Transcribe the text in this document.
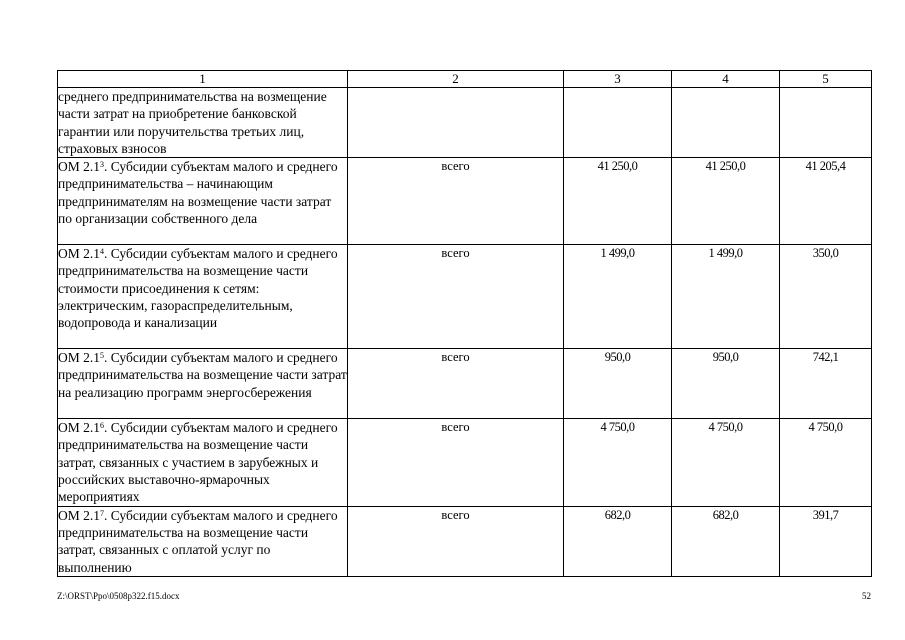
1	2	3	4	5
среднего предпринимательства на возмещение части затрат на приобретение банковской гарантии или поручительства третьих лиц, страховых взносов				
ОМ $2.1^3$. Субсидии субъектам малого и среднего предпринимательства – начинающим предпринимателям на возмещение части затрат по организации собственного дела	всего	41 250,0	41 250,0	41 205,4
ОМ $2.1^4$. Субсидии субъектам малого и среднего предпринимательства на возмещение части стоимости присоединения к сетям: электрическим, газораспределительным, водопровода и канализации	всего	1 499,0	1 499,0	350,0
ОМ $2.1^5$. Субсидии субъектам малого и среднего предпринимательства на возмещение части затрат на реализацию программ энергосбережения	всего	950,0	950,0	742,1
ОМ $2.1^6$. Субсидии субъектам малого и среднего предпринимательства на возмещение части затрат, связанных с участием в зарубежных и российских выставочно-ярмарочных мероприятиях	всего	4 750,0	4 750,0	4 750,0
ОМ $2.1^7$. Субсидии субъектам малого и среднего предпринимательства на возмещение части затрат, связанных с оплатой услуг по выполнению	всего	682,0	682,0	391,7
Z:\ORST\Ppo\0508p322.f15.docx	52
